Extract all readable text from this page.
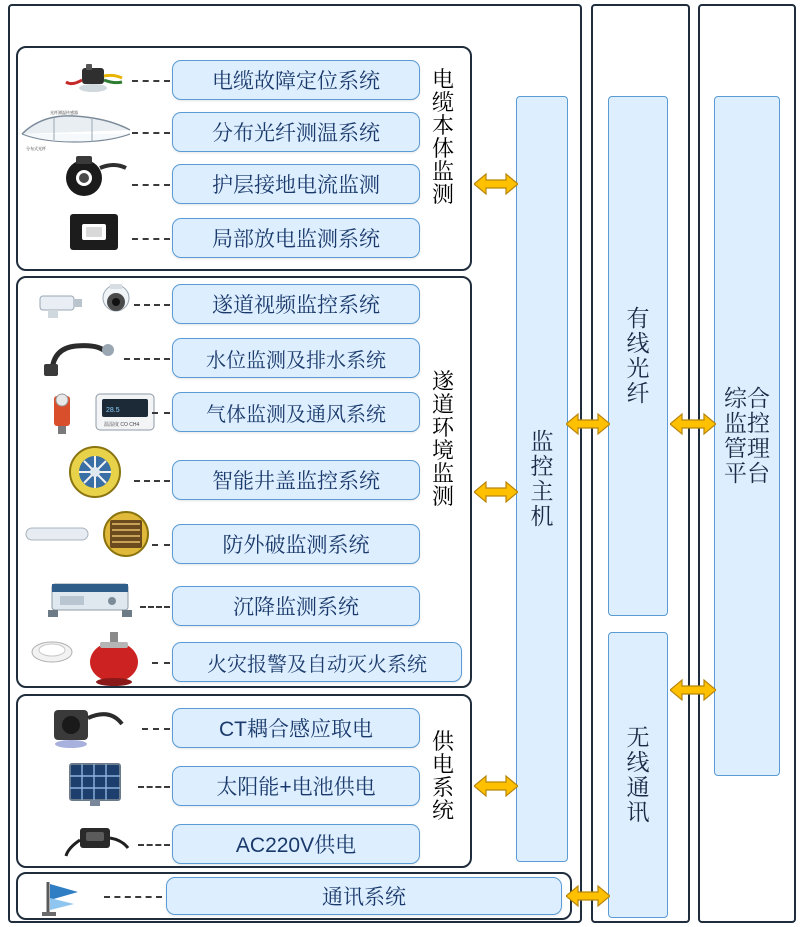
光纤测温传感器
分布式光纤
电缆故障定位系统
分布光纤测温系统
护层接地电流监测
局部放电监测系统
电缆本体监测
28.5
温湿度 CO CH4
遂道视频监控系统
水位监测及排水系统
气体监测及通风系统
智能井盖监控系统
防外破监测系统
沉降监测系统
火灾报警及自动灭火系统
遂道环境监测
CT耦合感应取电
太阳能+电池供电
AC220V供电
供电系统
通讯系统
监控主机
有线光纤
无线通讯
综合监控管理平台
